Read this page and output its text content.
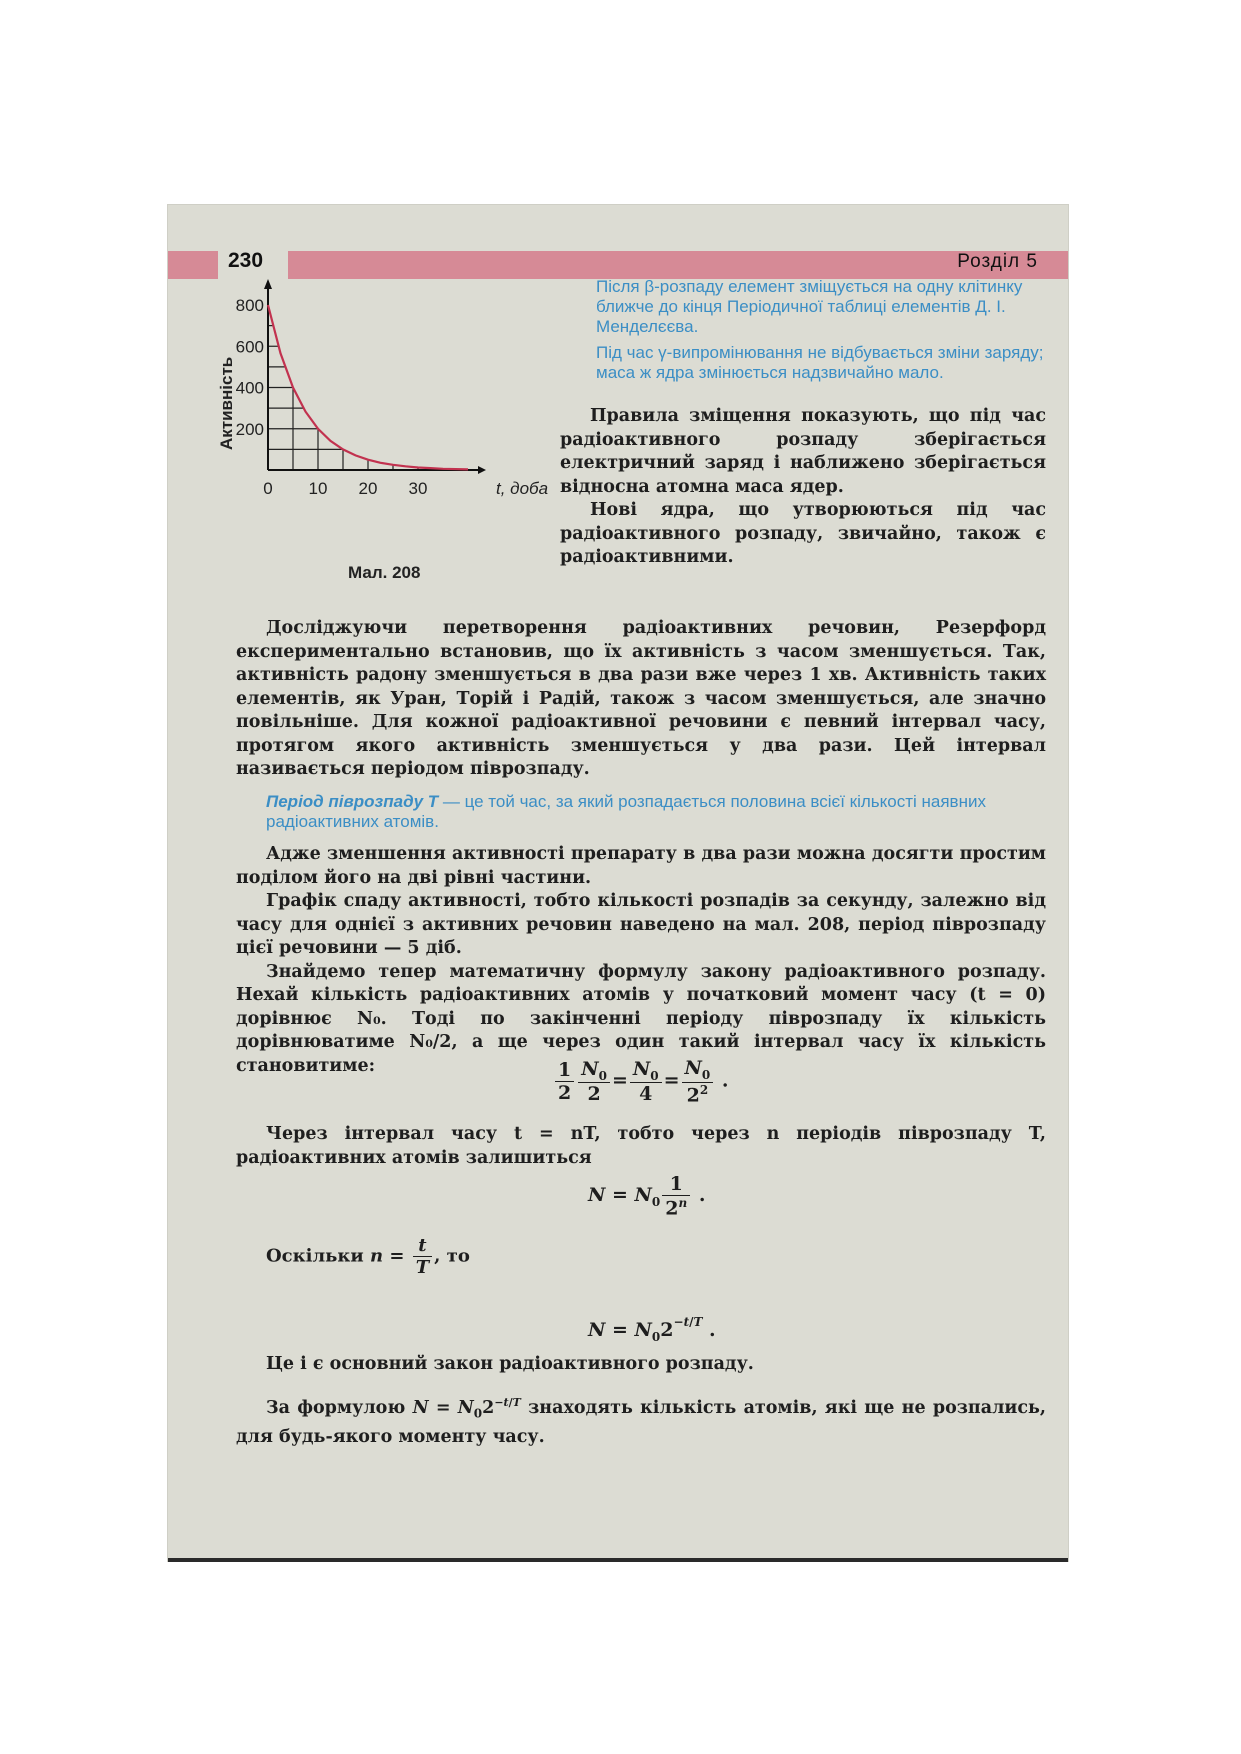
230	Розділ 5
0 10 20 30
200
400
600
800
t, доба
Активність
Мал. 208

Після β-розпаду елемент зміщується на одну клітинку ближче до кінця Періодичної таблиці елементів Д. І. Менделєєва.

Під час γ-випромінювання не відбувається зміни заряду; маса ж ядра змінюється надзвичайно мало.

Правила зміщення показують, що під час радіоактивного розпаду зберігається електричний заряд і наближено зберігається відносна атомна маса ядер.

Нові ядра, що утворюються під час радіоактивного розпаду, звичайно, також є радіоактивними.

Досліджуючи перетворення радіоактивних речовин, Резерфорд експериментально встановив, що їх активність з часом зменшується. Так, активність радону зменшується в два рази вже через 1 хв. Активність таких елементів, як Уран, Торій і Радій, також з часом зменшується, але значно повільніше. Для кожної радіоактивної речовини є певний інтервал часу, протягом якого активність зменшується у два рази. Цей інтервал називається періодом піврозпаду.

Період піврозпаду T — це той час, за який розпадається половина всієї кількості наявних радіоактивних атомів.

Адже зменшення активності препарату в два рази можна досягти простим поділом його на дві рівні частини.

Графік спаду активності, тобто кількості розпадів за секунду, залежно від часу для однієї з активних речовин наведено на мал. 208, період піврозпаду цієї речовини — 5 діб.

Знайдемо тепер математичну формулу закону радіоактивного розпаду. Нехай кількість радіоактивних атомів у початковий момент часу (t = 0) дорівнює N₀. Тоді по закінченні періоду піврозпаду їх кількість дорівнюватиме N₀/2, а ще через один такий інтервал часу їх кількість становитиме:	$\frac{1}{2} \frac{N_0}{2} = \frac{N_0}{4} = \frac{N_0}{2^2}$ .

Через інтервал часу t = nT, тобто через n періодів піврозпаду T, радіоактивних атомів залишиться

$N = N_0 \frac{1}{2^n}$ .
Оскільки $n = \frac{t}{T}$ , то
$N = N_02^{-t/T}$ .
Це і є основний закон радіоактивного розпаду.

За формулою $N = N_02^{-t/T}$ знаходять кількість атомів, які ще не розпались, для будь-якого моменту часу.
